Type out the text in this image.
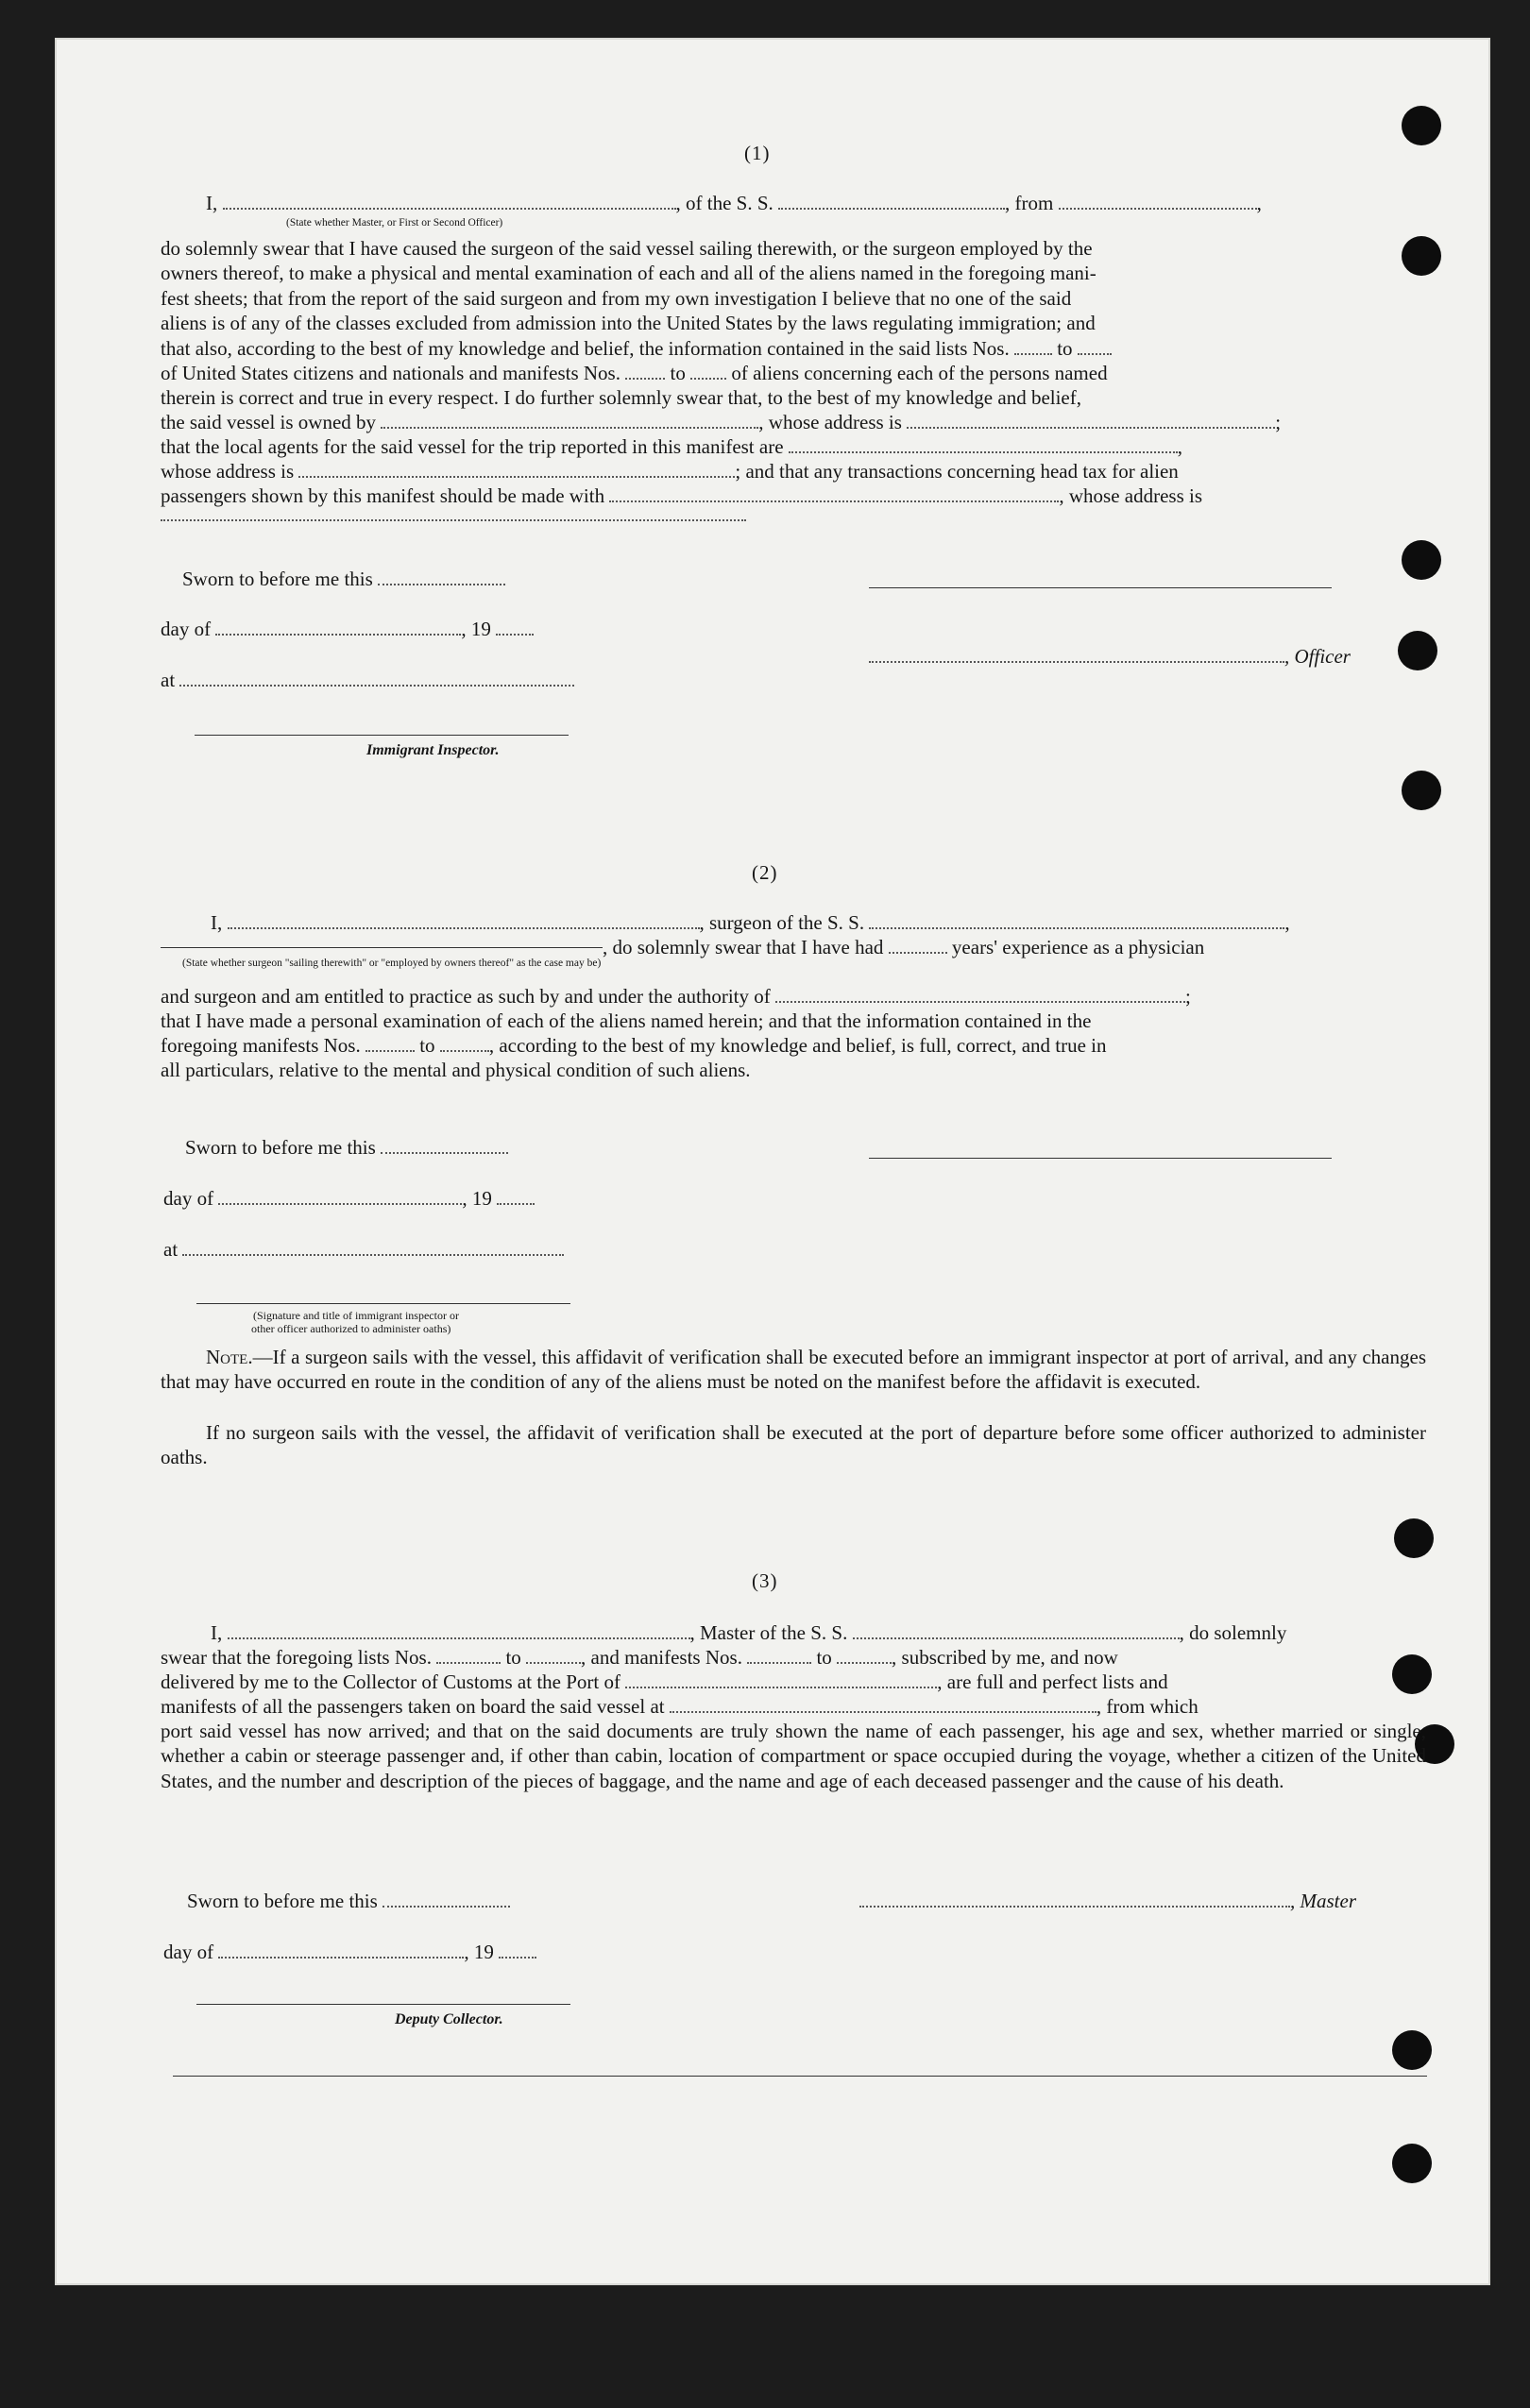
(1)
I,	, of the S. S.	, from	,
(State whether Master, or First or Second Officer)
do solemnly swear that I have caused the surgeon of the said vessel sailing therewith, or the surgeon employed by the
owners thereof, to make a physical and mental examination of each and all of the aliens named in the foregoing mani-
fest sheets; that from the report of the said surgeon and from my own investigation I believe that no one of the said
aliens is of any of the classes excluded from admission into the United States by the laws regulating immigration; and
that also, according to the best of my knowledge and belief, the information contained in the said lists Nos. to
of United States citizens and nationals and manifests Nos.	to of aliens concerning each of the persons named
therein is correct and true in every respect. I do further solemnly swear that, to the best of my knowledge and belief,
the said vessel is owned by	, whose address is	;
that the local agents for the said vessel for the trip reported in this manifest are	,
whose address is	; and that any transactions concerning head tax for alien
passengers shown by this manifest should be made with	, whose address is
Sworn to before me this
day of	, 19
at
, Officer
Immigrant Inspector.
(2)
I,	, surgeon of the S. S.	,
, do solemnly swear that I have had	years' experience as a physician
(State whether surgeon "sailing therewith" or "employed by owners thereof" as the case may be)
and surgeon and am entitled to practice as such by and under the authority of	;
that I have made a personal examination of each of the aliens named herein; and that the information contained in the
foregoing manifests Nos.	to	, according to the best of my knowledge and belief, is full, correct, and true in
all particulars, relative to the mental and physical condition of such aliens.
Sworn to before me this
day of	, 19
at
(Signature and title of immigrant inspector or
other officer authorized to administer oaths)
Note.—If a surgeon sails with the vessel, this affidavit of verification shall be executed before an immigrant inspector at port of arrival, and any changes that may have occurred en route in the condition of any of the aliens must be noted on the manifest before the affidavit is executed.
If no surgeon sails with the vessel, the affidavit of verification shall be executed at the port of departure before some officer authorized to administer oaths.
(3)
I,	, Master of the S. S.	, do solemnly
swear that the foregoing lists Nos.	to	, and manifests Nos.	to	, subscribed by me, and now
delivered by me to the Collector of Customs at the Port of	, are full and perfect lists and
manifests of all the passengers taken on board the said vessel at	, from which
port said vessel has now arrived; and that on the said documents are truly shown the name of each passenger, his age and sex, whether married or single, whether a cabin or steerage passenger and, if other than cabin, location of compartment or space occupied during the voyage, whether a citizen of the United States, and the number and description of the pieces of baggage, and the name and age of each deceased passenger and the cause of his death.
Sworn to before me this	, Master
day of	, 19
Deputy Collector.
